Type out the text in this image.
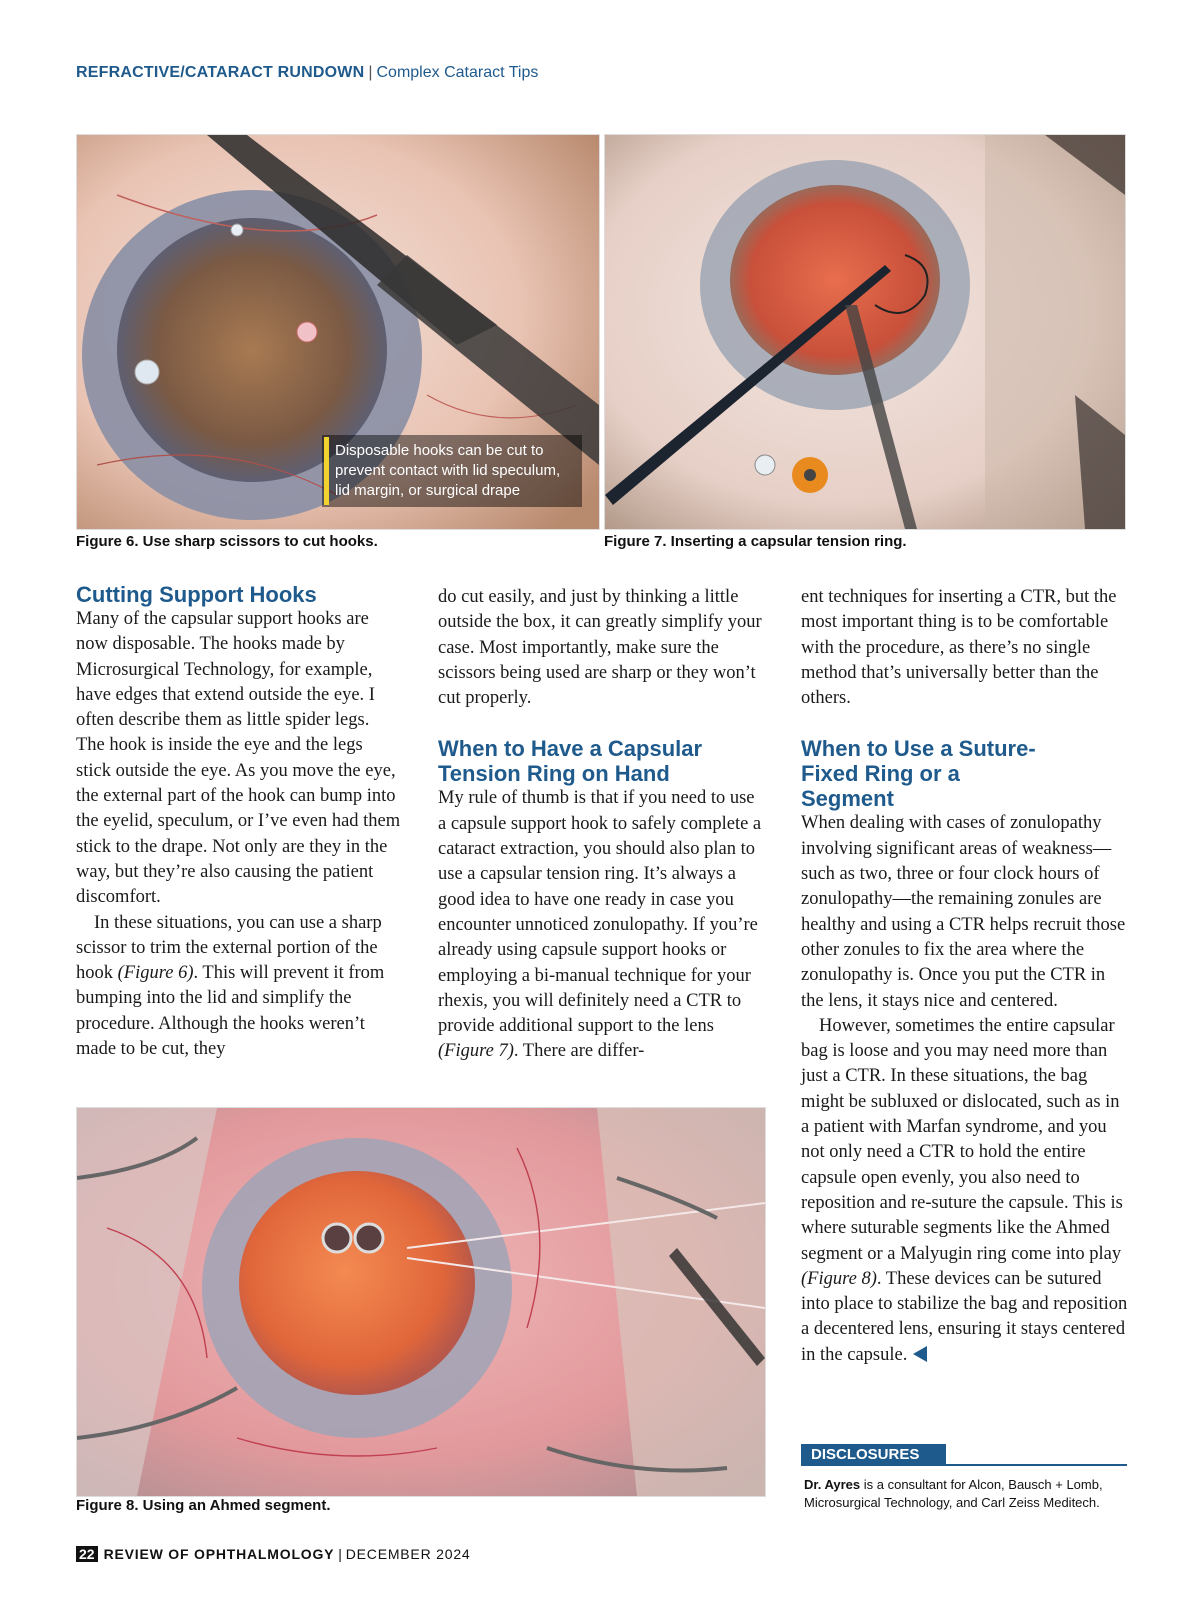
REFRACTIVE/CATARACT RUNDOWN | Complex Cataract Tips
Disposable hooks can be cut to
prevent contact with lid speculum,
lid margin, or surgical drape
Figure 6. Use sharp scissors to cut hooks.	Figure 7. Inserting a capsular tension ring.
Cutting Support Hooks

Many of the capsular support hooks are now disposable. The hooks made by Microsurgical Technology, for example, have edges that extend outside the eye. I often describe them as little spider legs. The hook is inside the eye and the legs stick outside the eye. As you move the eye, the external part of the hook can bump into the eyelid, speculum, or I’ve even had them stick to the drape. Not only are they in the way, but they’re also causing the patient discomfort.

In these situations, you can use a sharp scissor to trim the external portion of the hook (Figure 6). This will prevent it from bumping into the lid and simplify the procedure. Although the hooks weren’t made to be cut, they

do cut easily, and just by thinking a little outside the box, it can greatly simplify your case. Most importantly, make sure the scissors being used are sharp or they won’t cut properly.

When to Have a Capsular Tension Ring on Hand

My rule of thumb is that if you need to use a capsule support hook to safely complete a cataract extraction, you should also plan to use a capsular tension ring. It’s always a good idea to have one ready in case you encounter unnoticed zonulopathy. If you’re already using capsule support hooks or employing a bi-manual technique for your rhexis, you will definitely need a CTR to provide additional support to the lens (Figure 7). There are differ-

ent techniques for inserting a CTR, but the most important thing is to be comfortable with the procedure, as there’s no single method that’s universally better than the others.

When to Use a Suture-Fixed Ring or a Segment

When dealing with cases of zonulopathy involving significant areas of weakness—such as two, three or four clock hours of zonulopathy—the remaining zonules are healthy and using a CTR helps recruit those other zonules to fix the area where the zonulopathy is. Once you put the CTR in the lens, it stays nice and centered.

However, sometimes the entire capsular bag is loose and you may need more than just a CTR. In these situations, the bag might be subluxed or dislocated, such as in a patient with Marfan syndrome, and you not only need a CTR to hold the entire capsule open evenly, you also need to reposition and re-suture the capsule. This is where suturable segments like the Ahmed segment or a Malyugin ring come into play (Figure 8). These devices can be sutured into place to stabilize the bag and reposition a decentered lens, ensuring it stays centered in the capsule.

Figure 8. Using an Ahmed segment.
DISCLOSURES
Dr. Ayres is a consultant for Alcon, Bausch + Lomb, Microsurgical Technology, and Carl Zeiss Meditech.
22 REVIEW OF OPHTHALMOLOGY | DECEMBER 2024
